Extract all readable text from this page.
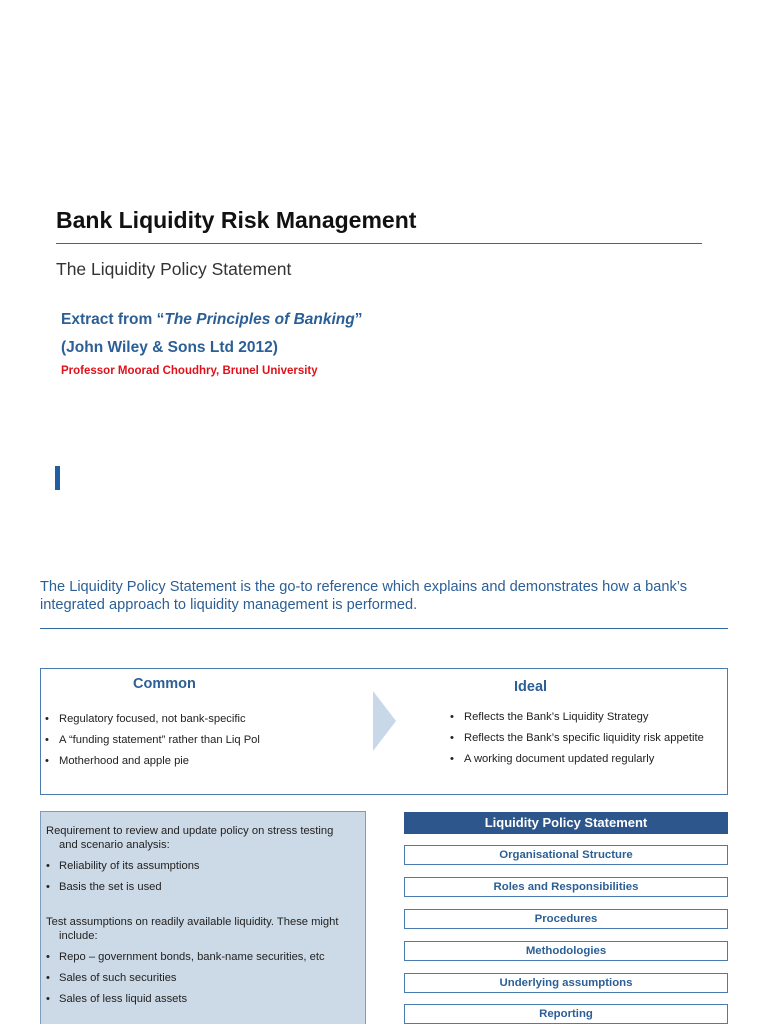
Bank Liquidity Risk Management
The Liquidity Policy Statement
Extract from “The Principles of Banking”
(John Wiley & Sons Ltd 2012)
Professor Moorad Choudhry, Brunel University
The Liquidity Policy Statement is the go-to reference which explains and demonstrates how a bank’s integrated approach to liquidity management is performed.
Common	Ideal
• Regulatory focused, not bank-specific
• A “funding statement” rather than Liq Pol
• Motherhood and apple pie
• Reflects the Bank’s Liquidity Strategy
• Reflects the Bank’s specific liquidity risk appetite
• A working document updated regularly
Requirement to review and update policy on stress testing
and scenario analysis:
• Reliability of its assumptions
• Basis the set is used
Test assumptions on readily available liquidity. These might
include:
• Repo – government bonds, bank-name securities, etc
• Sales of such securities
• Sales of less liquid assets
Liquidity Policy Statement
Organisational Structure
Roles and Responsibilities
Procedures
Methodologies
Underlying assumptions
Reporting
